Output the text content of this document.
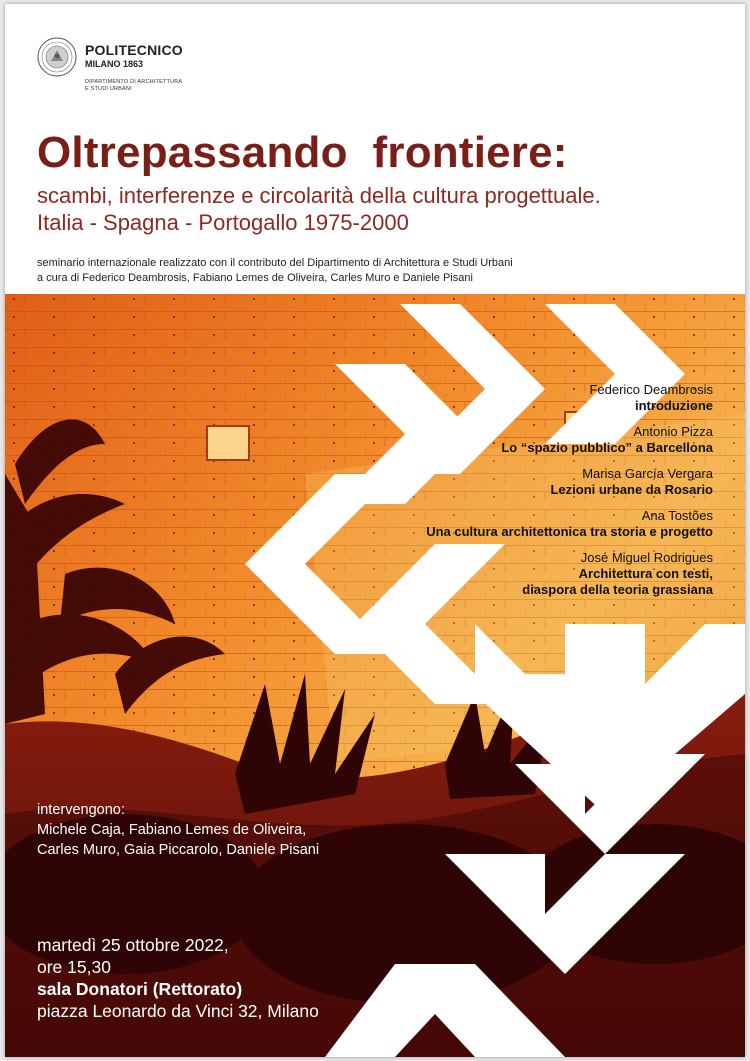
POLITECNICO
MILANO 1863
DIPARTIMENTO DI ARCHITETTURA
E STUDI URBANI
Oltrepassando  frontiere:
scambi, interferenze e circolarità della cultura progettuale.
Italia - Spagna - Portogallo 1975-2000
seminario internazionale realizzato con il contributo del Dipartimento di Architettura e Studi Urbani
a cura di Federico Deambrosis, Fabiano Lemes de Oliveira, Carles Muro e Daniele Pisani
Federico Deambrosis
introduzione
Antonio Pizza
Lo “spazio pubblico” a Barcellona
Marisa García Vergara
Lezioni urbane da Rosario
Ana Tostões
Una cultura architettonica tra storia e progetto
José Miguel Rodrigues
Architettura con testi,
diaspora della teoria grassiana
intervengono:
Michele Caja, Fabiano Lemes de Oliveira,
Carles Muro, Gaia Piccarolo, Daniele Pisani
martedì 25 ottobre 2022,
ore 15,30
sala Donatori (Rettorato)
piazza Leonardo da Vinci 32, Milano
